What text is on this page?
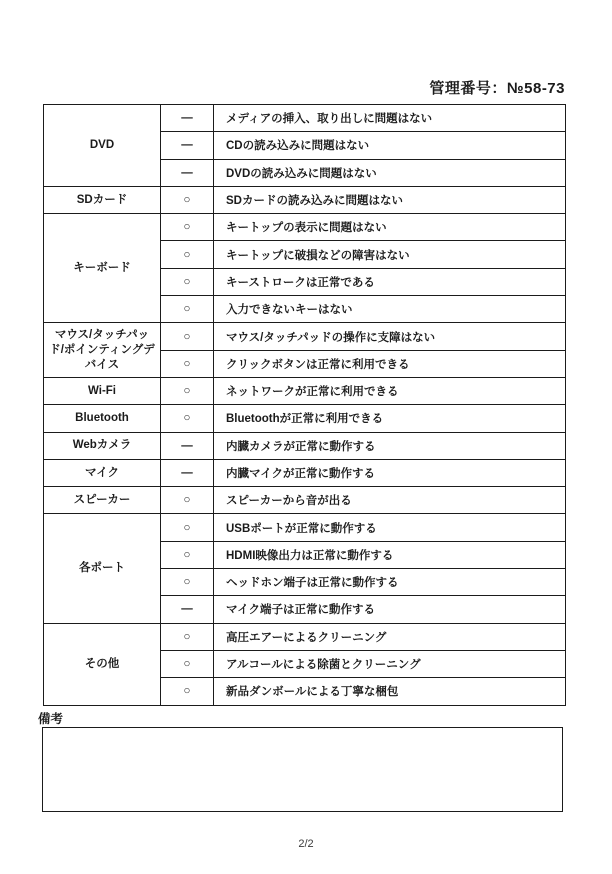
管理番号：№58-73
DVD	—	メディアの挿入、取り出しに問題はない
	—	CDの読み込みに問題はない
	—	DVDの読み込みに問題はない
SDカード	○	SDカードの読み込みに問題はない
キーボード	○	キートップの表示に問題はない
	○	キートップに破損などの障害はない
	○	キーストロークは正常である
	○	入力できないキーはない
マウス/タッチパッド/ポインティングデバイス	○	マウス/タッチパッドの操作に支障はない
	○	クリックボタンは正常に利用できる
Wi-Fi	○	ネットワークが正常に利用できる
Bluetooth	○	Bluetoothが正常に利用できる
Webカメラ	—	内臓カメラが正常に動作する
マイク	—	内臓マイクが正常に動作する
スピーカー	○	スピーカーから音が出る
各ポート	○	USBポートが正常に動作する
	○	HDMI映像出力は正常に動作する
	○	ヘッドホン端子は正常に動作する
	—	マイク端子は正常に動作する
その他	○	高圧エアーによるクリーニング
	○	アルコールによる除菌とクリーニング
	○	新品ダンボールによる丁寧な梱包
備考
2/2
